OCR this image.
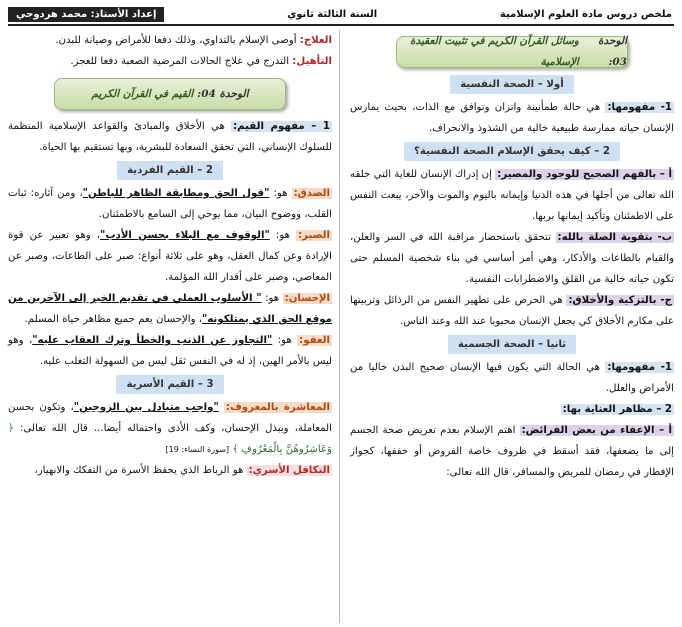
ملخص دروس مادة العلوم الإسلامية
السنة الثالثة ثانوي
إعداد الأستاذ: محمد هردوحي
الوحدة 03:
وسائل القرآن الكريم في تثبيت العقيدة الإسلامية
أولا – الصحة النفسية

1- مفهومها: هي حالة طمأنينة واتزان وتوافق مع الذات، بحيث يمارس الإنسان حياته ممارسة طبيعية خالية من الشذوذ والانحراف.

2 – كيف يحقق الإسلام الصحة النفسية؟

أ – بالفهم الصحيح للوجود والمصير: إن إدراك الإنسان للغاية التي خلقه الله تعالى من أجلها في هذه الدنيا وإيمانه باليوم والموت والآخر، يبعث النفس على الاطمئنان وتأكيد إيمانها بربها.

ب- بتقوية الصلة بالله: تتحقق باستحضار مراقبة الله في السر والعلن، والقيام بالطاعات والأذكار، وهي أمر أساسي في بناء شخصية المسلم حتى تكون حياته خالية من القلق والاضطرابات النفسية.

ج- بالتزكية والأخلاق: هي الحرص على تطهير النفس من الرذائل وتربيتها على مكارم الأخلاق كي يجعل الإنسان محبوبا عند الله وعند الناس.

ثانيا – الصحة الجسمية

1- مفهومها: هي الحالة التي يكون فيها الإنسان صحيح البدن خاليا من الأمراض والعلل.

2 – مظاهر العناية بها:

أ – الإعفاء من بعض الفرائض: اهتم الإسلام بعدم تعريض صحة الجسم إلى ما يضعفها، فقد أسقط في ظروف خاصة الفروض أو خففها، كجواز الإفطار في رمضان للمريض والمسافر، قال الله تعالى:

العلاج: أوصى الإسلام بالتداوي، وذلك دفعا للأمراض وصيانة للبدن.

التأهيل: التدرج في علاج الحالات المرضية الصعبة دفعا للعجز.

الوحدة 04:
القيم في القرآن الكريم

1 – مفهوم القيم: هي الأخلاق والمبادئ والقواعد الإسلامية المنظمة للسلوك الإنساني، التي تحقق السعادة للبشرية، وبها تستقيم بها الحياة.

2 – القيم الفردية

الصدق: هو: "قول الحق ومطابقة الظاهر للباطن"، ومن آثاره: ثبات القلب، ووضوح البيان، مما يوحي إلى السامع بالاطمئنان.

الصبر: هو: "الوقوف مع البلاء بحسن الأدب"، وهو تعبير عن قوة الإرادة وعن كمال العقل، وهو على ثلاثة أنواع: صبر على الطاعات، وصبر عن المعاصي، وصبر على أقدار الله المؤلمة.

الإحسان: هو: " الأسلوب العملي في تقديم الخير إلى الآخرين من موقع الحق الذي يمتلكونه"، والإحسان يعم جميع مظاهر حياة المسلم.

العفو: هو: "التجاوز عن الذنب والخطأ وترك العقاب عليه"، وهو ليس بالأمر الهين، إذ له في النفس ثقل ليس من السهولة التغلب عليه.

3 – القيم الأسرية

المعاشرة بالمعروف: "واجب متبادل بين الزوجين"، وتكون بحسن المعاملة، وببذل الإحسان، وكف الأذى واحتماله أيضا... قال الله تعالى: ﴿ وَعَاشِرُوهُنَّ بِالْمَعْرُوفِ ﴾ [سورة النساء: 19]

التكافل الأسري: هو الرباط الذي يحفظ الأسرة من التفكك والانهيار،
